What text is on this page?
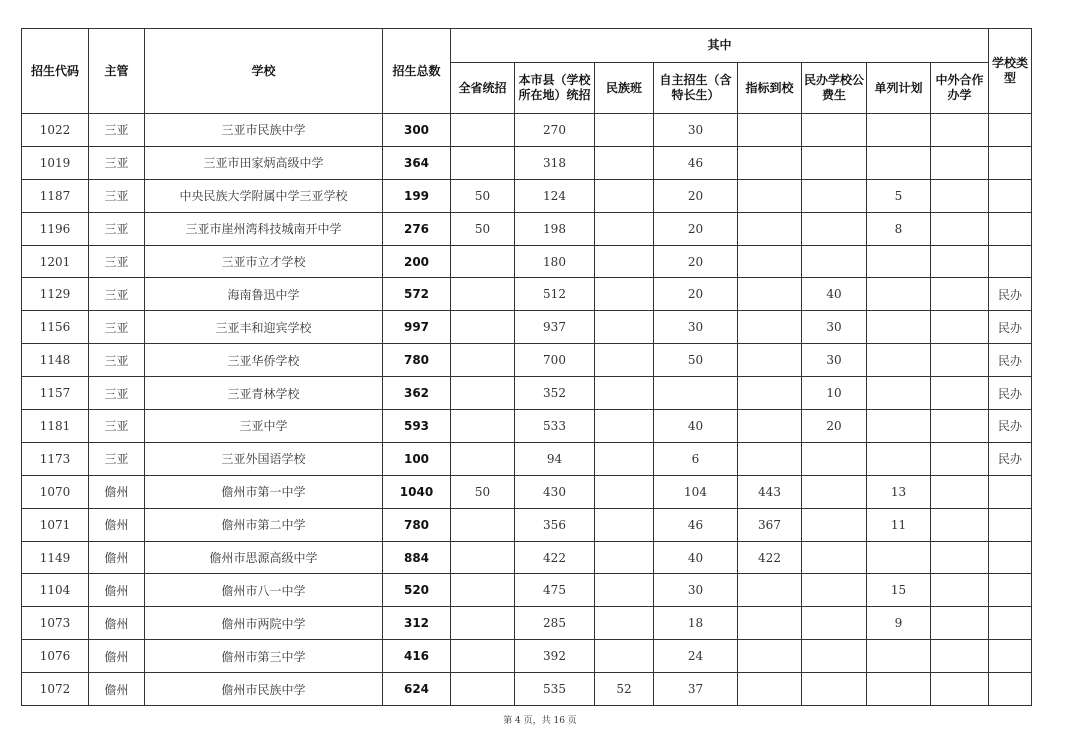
招生代码	主管	学校	招生总数	其中								学校类型
				全省统招	本市县（学校所在地）统招	民族班	自主招生（含特长生）	指标到校	民办学校公费生	单列计划	中外合作办学	
1022	三亚	三亚市民族中学	300		270		30					
1019	三亚	三亚市田家炳高级中学	364		318		46					
1187	三亚	中央民族大学附属中学三亚学校	199	50	124		20			5		
1196	三亚	三亚市崖州湾科技城南开中学	276	50	198		20			8		
1201	三亚	三亚市立才学校	200		180		20					
1129	三亚	海南鲁迅中学	572		512		20		40			民办
1156	三亚	三亚丰和迎宾学校	997		937		30		30			民办
1148	三亚	三亚华侨学校	780		700		50		30			民办
1157	三亚	三亚青林学校	362		352				10			民办
1181	三亚	三亚中学	593		533		40		20			民办
1173	三亚	三亚外国语学校	100		94		6					民办
1070	儋州	儋州市第一中学	1040	50	430		104	443		13		
1071	儋州	儋州市第二中学	780		356		46	367		11		
1149	儋州	儋州市思源高级中学	884		422		40	422				
1104	儋州	儋州市八一中学	520		475		30			15		
1073	儋州	儋州市两院中学	312		285		18			9		
1076	儋州	儋州市第三中学	416		392		24					
1072	儋州	儋州市民族中学	624		535	52	37					
第 4 页，共 16 页
